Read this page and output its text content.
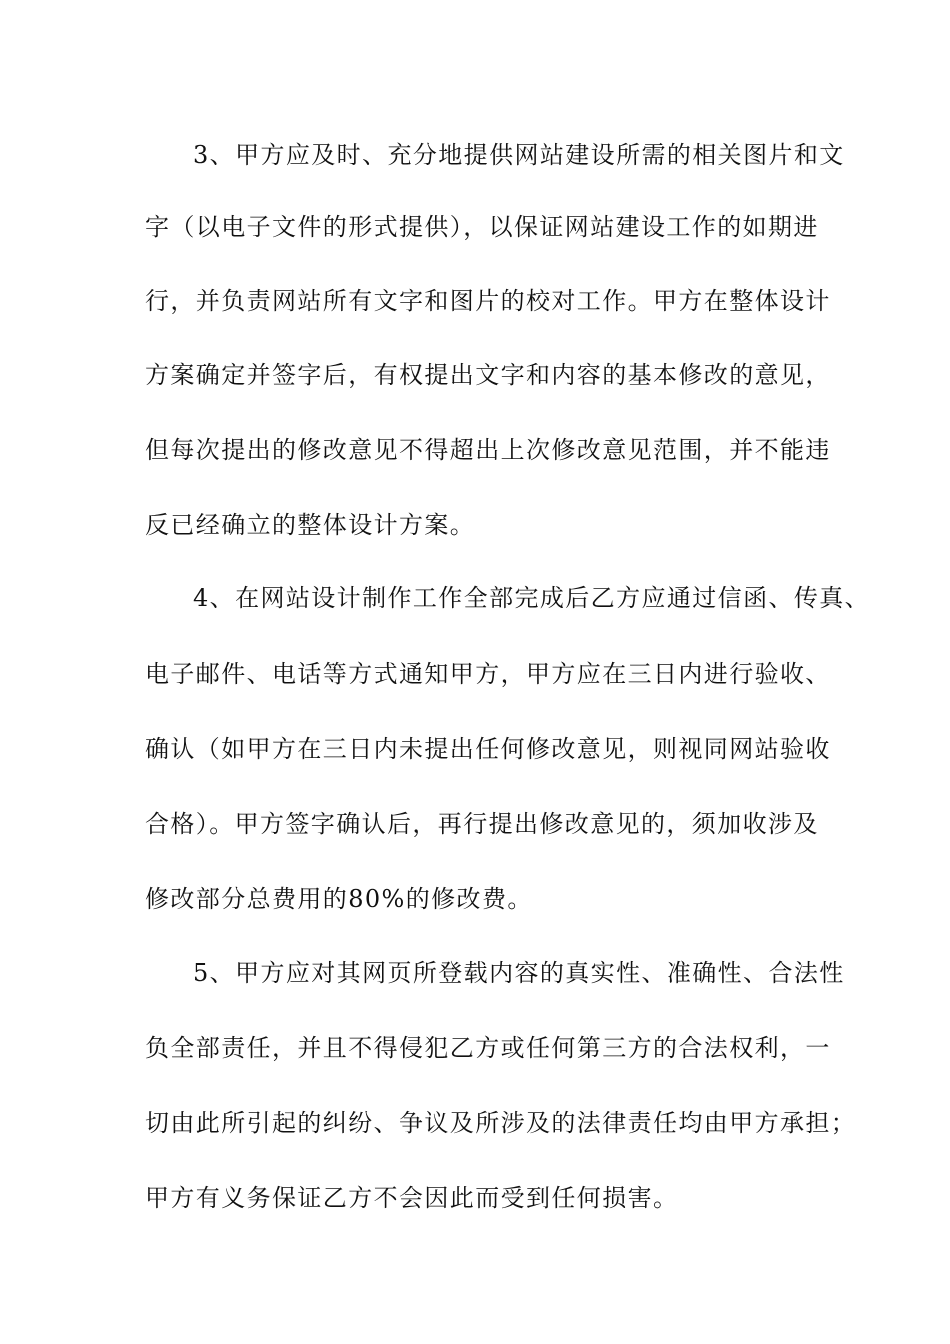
3、甲方应及时、充分地提供网站建设所需的相关图片和文
字（以电子文件的形式提供），以保证网站建设工作的如期进
行，并负责网站所有文字和图片的校对工作。甲方在整体设计
方案确定并签字后，有权提出文字和内容的基本修改的意见，
但每次提出的修改意见不得超出上次修改意见范围，并不能违
反已经确立的整体设计方案。
4、在网站设计制作工作全部完成后乙方应通过信函、传真、
电子邮件、电话等方式通知甲方，甲方应在三日内进行验收、
确认（如甲方在三日内未提出任何修改意见，则视同网站验收
合格）。甲方签字确认后，再行提出修改意见的，须加收涉及
修改部分总费用的80%的修改费。
5、甲方应对其网页所登载内容的真实性、准确性、合法性
负全部责任，并且不得侵犯乙方或任何第三方的合法权利，一
切由此所引起的纠纷、争议及所涉及的法律责任均由甲方承担；
甲方有义务保证乙方不会因此而受到任何损害。
